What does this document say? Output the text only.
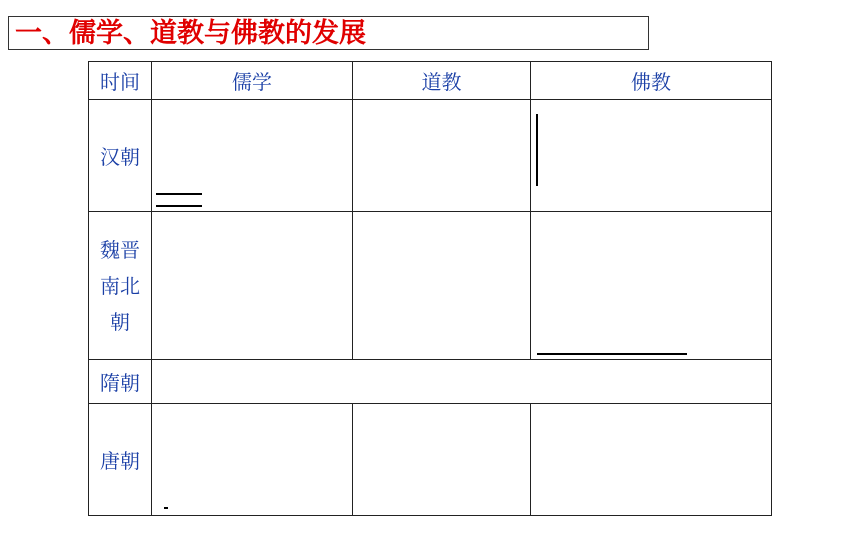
一、儒学、道教与佛教的发展
时间	儒学	道教	佛教
汉朝	

魏晋南北朝			

隋朝			
唐朝	
